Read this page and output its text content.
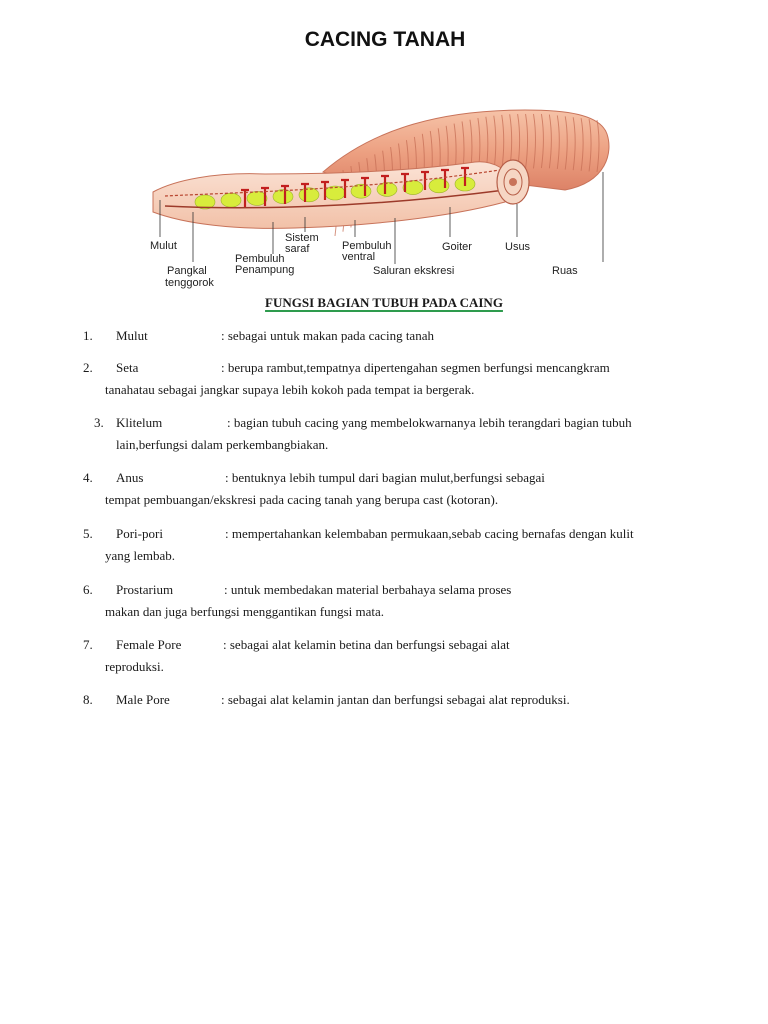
CACING TANAH
Mulut
Pangkal
tenggorok
Pembuluh
Penampung
Sistem
saraf	Pembuluh
ventral
Saluran ekskresi
Goiter	Usus
Ruas
FUNGSI BAGIAN TUBUH PADA CAING
1. Mulut	: sebagai untuk makan pada cacing tanah
2. Seta	: berupa rambut,tempatnya dipertengahan segmen berfungsi mencangkram
tanahatau sebagai jangkar supaya lebih kokoh pada tempat ia bergerak.
3. Klitelum	: bagian tubuh cacing yang membelokwarnanya lebih terangdari bagian tubuh
lain,berfungsi dalam perkembangbiakan.
4. Anus	: bentuknya lebih tumpul dari bagian mulut,berfungsi sebagai
tempat pembuangan/ekskresi pada cacing tanah yang berupa cast (kotoran).
5. Pori-pori	: mempertahankan kelembaban permukaan,sebab cacing bernafas dengan kulit
yang lembab.
6. Prostarium	: untuk membedakan material berbahaya selama proses
makan dan juga berfungsi menggantikan fungsi mata.
7. Female Pore	: sebagai alat kelamin betina dan berfungsi sebagai alat
reproduksi.
8. Male Pore	: sebagai alat kelamin jantan dan berfungsi sebagai alat reproduksi.
